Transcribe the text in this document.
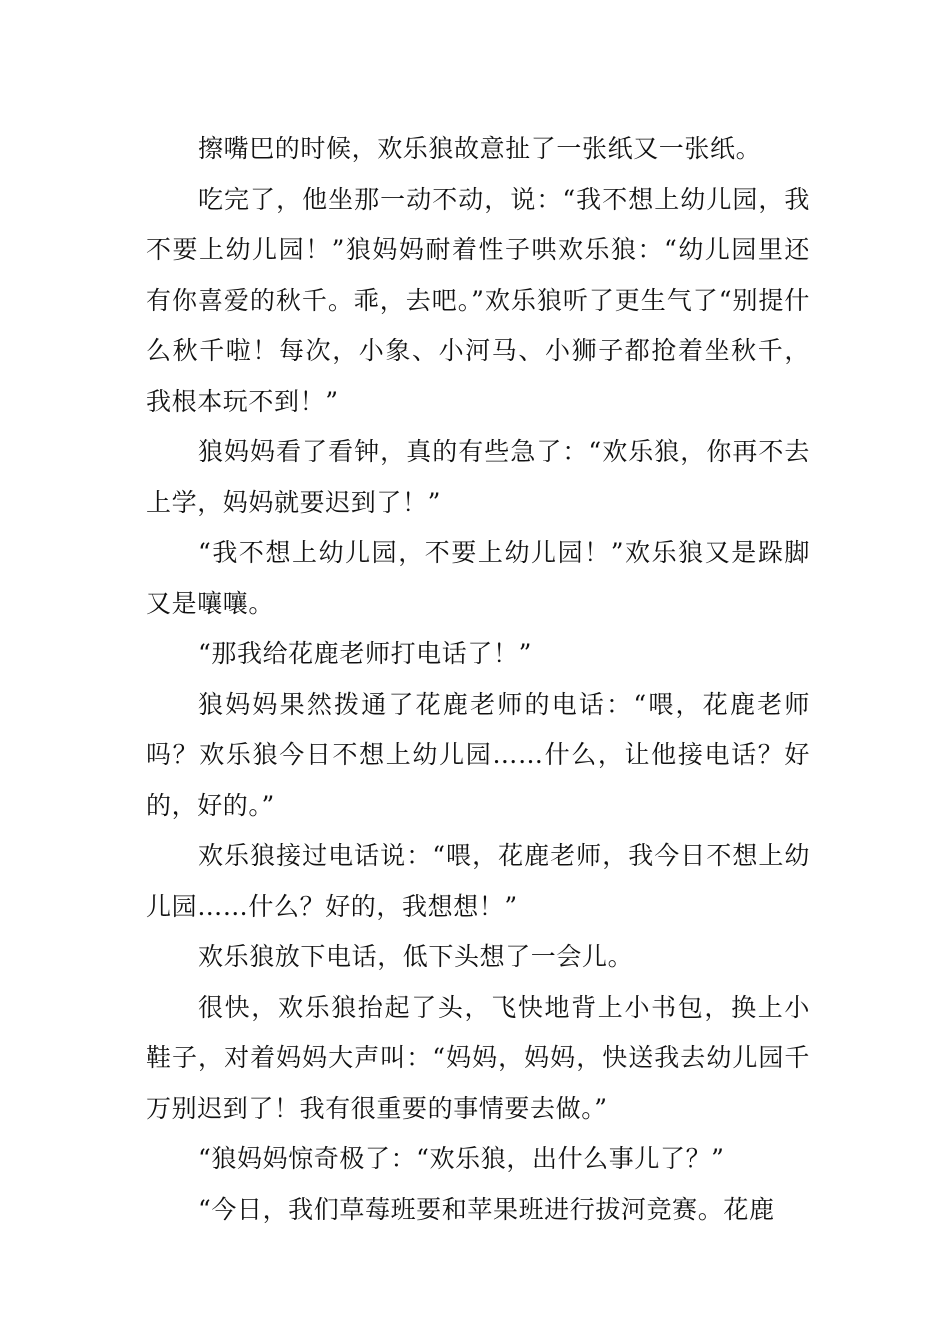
擦嘴巴的时候，欢乐狼故意扯了一张纸又一张纸。

吃完了，他坐那一动不动，说：“我不想上幼儿园，我不要上幼儿园！”狼妈妈耐着性子哄欢乐狼：“幼儿园里还有你喜爱的秋千。乖，去吧。”欢乐狼听了更生气了“别提什么秋千啦！每次，小象、小河马、小狮子都抢着坐秋千，我根本玩不到！”

狼妈妈看了看钟，真的有些急了：“欢乐狼，你再不去上学，妈妈就要迟到了！”

“我不想上幼儿园，不要上幼儿园！”欢乐狼又是跺脚又是嚷嚷。

“那我给花鹿老师打电话了！”

狼妈妈果然拨通了花鹿老师的电话：“喂，花鹿老师吗？欢乐狼今日不想上幼儿园……什么，让他接电话？好的，好的。”

欢乐狼接过电话说：“喂，花鹿老师，我今日不想上幼儿园……什么？好的，我想想！”

欢乐狼放下电话，低下头想了一会儿。

很快，欢乐狼抬起了头，飞快地背上小书包，换上小鞋子，对着妈妈大声叫：“妈妈，妈妈，快送我去幼儿园千万别迟到了！我有很重要的事情要去做。”

“狼妈妈惊奇极了：“欢乐狼，出什么事儿了？”

“今日，我们草莓班要和苹果班进行拔河竞赛。花鹿
